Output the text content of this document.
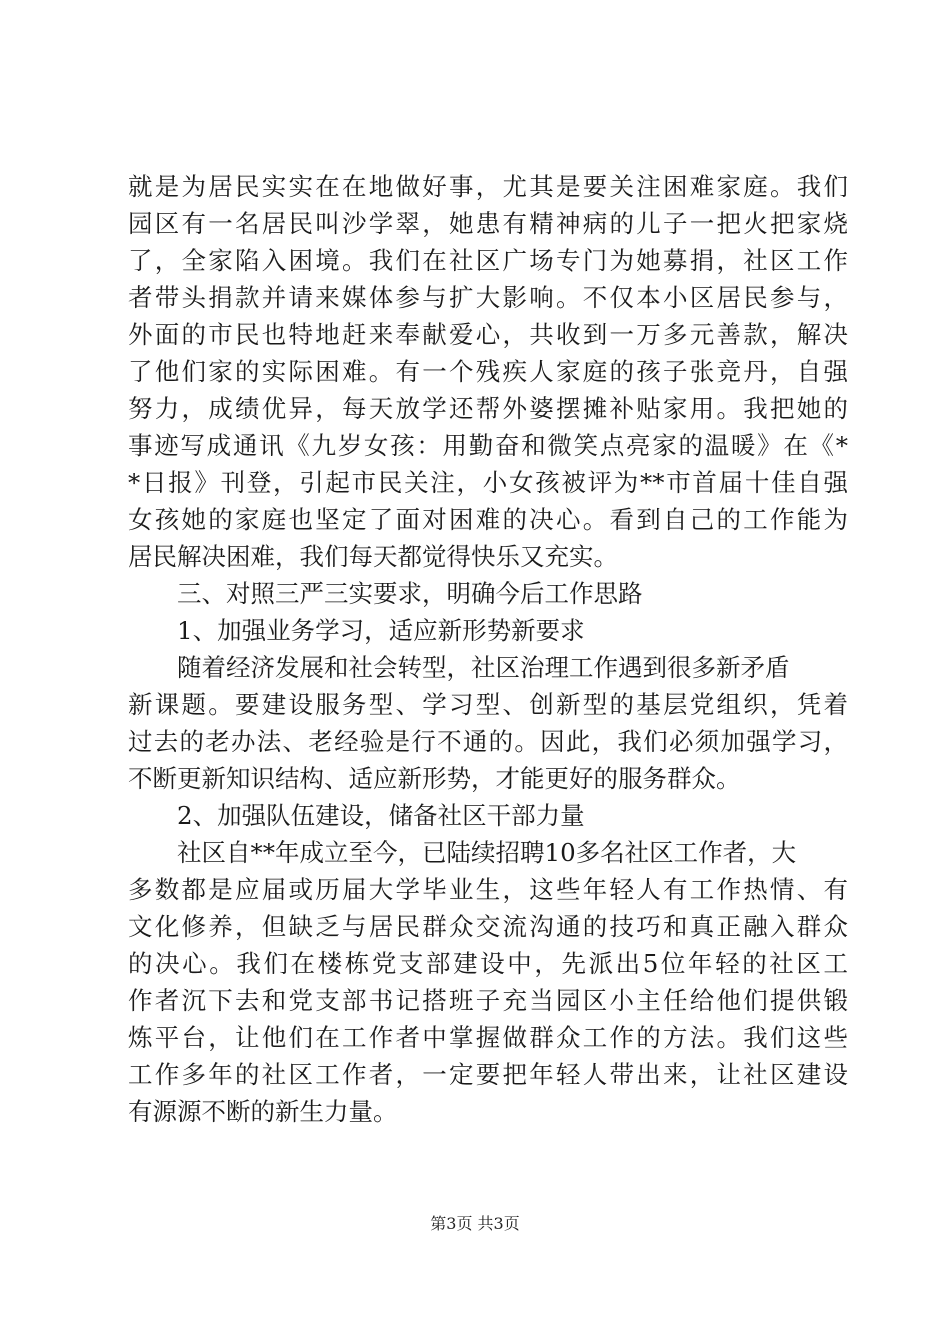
就是为居民实实在在地做好事，尤其是要关注困难家庭。我们
园区有一名居民叫沙学翠，她患有精神病的儿子一把火把家烧
了，全家陷入困境。我们在社区广场专门为她募捐，社区工作
者带头捐款并请来媒体参与扩大影响。不仅本小区居民参与，
外面的市民也特地赶来奉献爱心，共收到一万多元善款，解决
了他们家的实际困难。有一个残疾人家庭的孩子张竞丹，自强
努力，成绩优异，每天放学还帮外婆摆摊补贴家用。我把她的
事迹写成通讯《九岁女孩：用勤奋和微笑点亮家的温暖》在《*
*日报》刊登，引起市民关注，小女孩被评为**市首届十佳自强
女孩她的家庭也坚定了面对困难的决心。看到自己的工作能为
居民解决困难，我们每天都觉得快乐又充实。
三、对照三严三实要求，明确今后工作思路
1、加强业务学习，适应新形势新要求
随着经济发展和社会转型，社区治理工作遇到很多新矛盾
新课题。要建设服务型、学习型、创新型的基层党组织，凭着
过去的老办法、老经验是行不通的。因此，我们必须加强学习，
不断更新知识结构、适应新形势，才能更好的服务群众。
2、加强队伍建设，储备社区干部力量
社区自**年成立至今，已陆续招聘10多名社区工作者，大
多数都是应届或历届大学毕业生，这些年轻人有工作热情、有
文化修养，但缺乏与居民群众交流沟通的技巧和真正融入群众
的决心。我们在楼栋党支部建设中，先派出5位年轻的社区工
作者沉下去和党支部书记搭班子充当园区小主任给他们提供锻
炼平台，让他们在工作者中掌握做群众工作的方法。我们这些
工作多年的社区工作者，一定要把年轻人带出来，让社区建设
有源源不断的新生力量。
第3页 共3页
